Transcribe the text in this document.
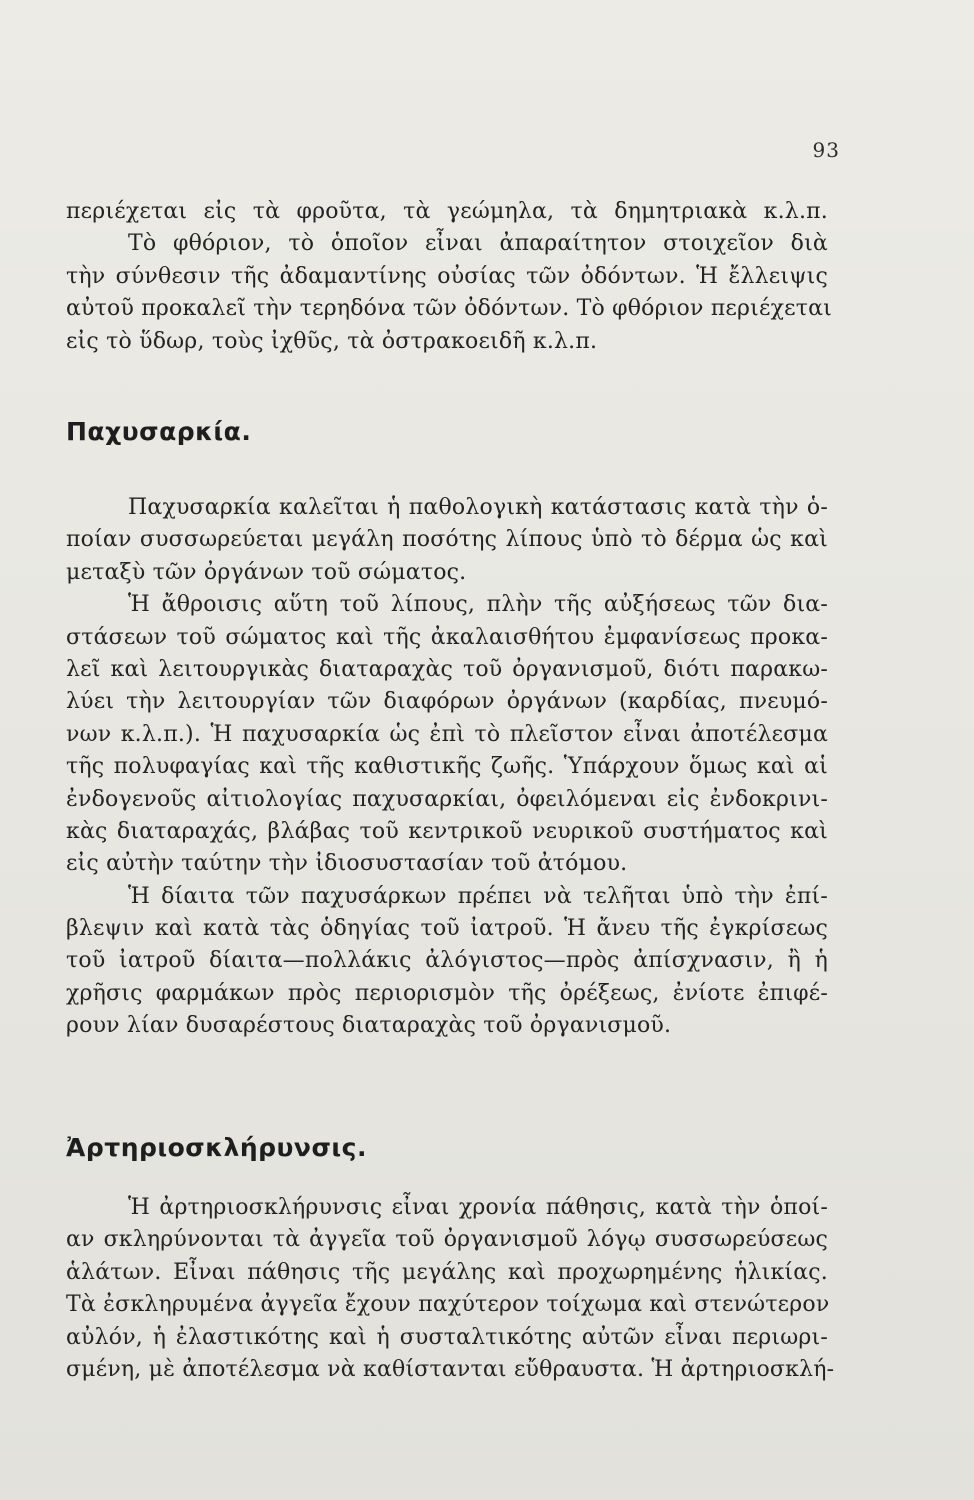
93
περιέχεται εἰς τὰ φροῦτα, τὰ γεώμηλα, τὰ δημητριακὰ κ.λ.π.
Τὸ φθόριον, τὸ ὁποῖον εἶναι ἀπαραίτητον στοιχεῖον διὰ
τὴν σύνθεσιν τῆς ἀδαμαντίνης οὐσίας τῶν ὀδόντων. Ἡ ἔλλειψις
αὐτοῦ προκαλεῖ τὴν τερηδόνα τῶν ὀδόντων. Τὸ φθόριον περιέχεται
εἰς τὸ ὕδωρ, τοὺς ἰχθῦς, τὰ ὀστρακοειδῆ κ.λ.π.
Παχυσαρκία.
Παχυσαρκία καλεῖται ἡ παθολογικὴ κατάστασις κατὰ τὴν ὁ-
ποίαν συσσωρεύεται μεγάλη ποσότης λίπους ὑπὸ τὸ δέρμα ὡς καὶ
μεταξὺ τῶν ὀργάνων τοῦ σώματος.
Ἡ ἄθροισις αὕτη τοῦ λίπους, πλὴν τῆς αὐξήσεως τῶν δια-
στάσεων τοῦ σώματος καὶ τῆς ἀκαλαισθήτου ἐμφανίσεως προκα-
λεῖ καὶ λειτουργικὰς διαταραχὰς τοῦ ὀργανισμοῦ, διότι παρακω-
λύει τὴν λειτουργίαν τῶν διαφόρων ὀργάνων (καρδίας, πνευμό-
νων κ.λ.π.). Ἡ παχυσαρκία ὡς ἐπὶ τὸ πλεῖστον εἶναι ἀποτέλεσμα
τῆς πολυφαγίας καὶ τῆς καθιστικῆς ζωῆς. Ὑπάρχουν ὅμως καὶ αἱ
ἐνδογενοῦς αἰτιολογίας παχυσαρκίαι, ὀφειλόμεναι εἰς ἐνδοκρινι-
κὰς διαταραχάς, βλάβας τοῦ κεντρικοῦ νευρικοῦ συστήματος καὶ
εἰς αὐτὴν ταύτην τὴν ἰδιοσυστασίαν τοῦ ἀτόμου.
Ἡ δίαιτα τῶν παχυσάρκων πρέπει νὰ τελῆται ὑπὸ τὴν ἐπί-
βλεψιν καὶ κατὰ τὰς ὁδηγίας τοῦ ἰατροῦ. Ἡ ἄνευ τῆς ἐγκρίσεως
τοῦ ἰατροῦ δίαιτα—πολλάκις ἀλόγιστος—πρὸς ἀπίσχνασιν, ἢ ἡ
χρῆσις φαρμάκων πρὸς περιορισμὸν τῆς ὀρέξεως, ἐνίοτε ἐπιφέ-
ρουν λίαν δυσαρέστους διαταραχὰς τοῦ ὀργανισμοῦ.
Ἀρτηριοσκλήρυνσις.
Ἡ ἀρτηριοσκλήρυνσις εἶναι χρονία πάθησις, κατὰ τὴν ὁποί-
αν σκληρύνονται τὰ ἀγγεῖα τοῦ ὀργανισμοῦ λόγῳ συσσωρεύσεως
ἁλάτων. Εἶναι πάθησις τῆς μεγάλης καὶ προχωρημένης ἡλικίας.
Τὰ ἐσκληρυμένα ἀγγεῖα ἔχουν παχύτερον τοίχωμα καὶ στενώτερον
αὐλόν, ἡ ἐλαστικότης καὶ ἡ συσταλτικότης αὐτῶν εἶναι περιωρι-
σμένη, μὲ ἀποτέλεσμα νὰ καθίστανται εὔθραυστα. Ἡ ἀρτηριοσκλή-
